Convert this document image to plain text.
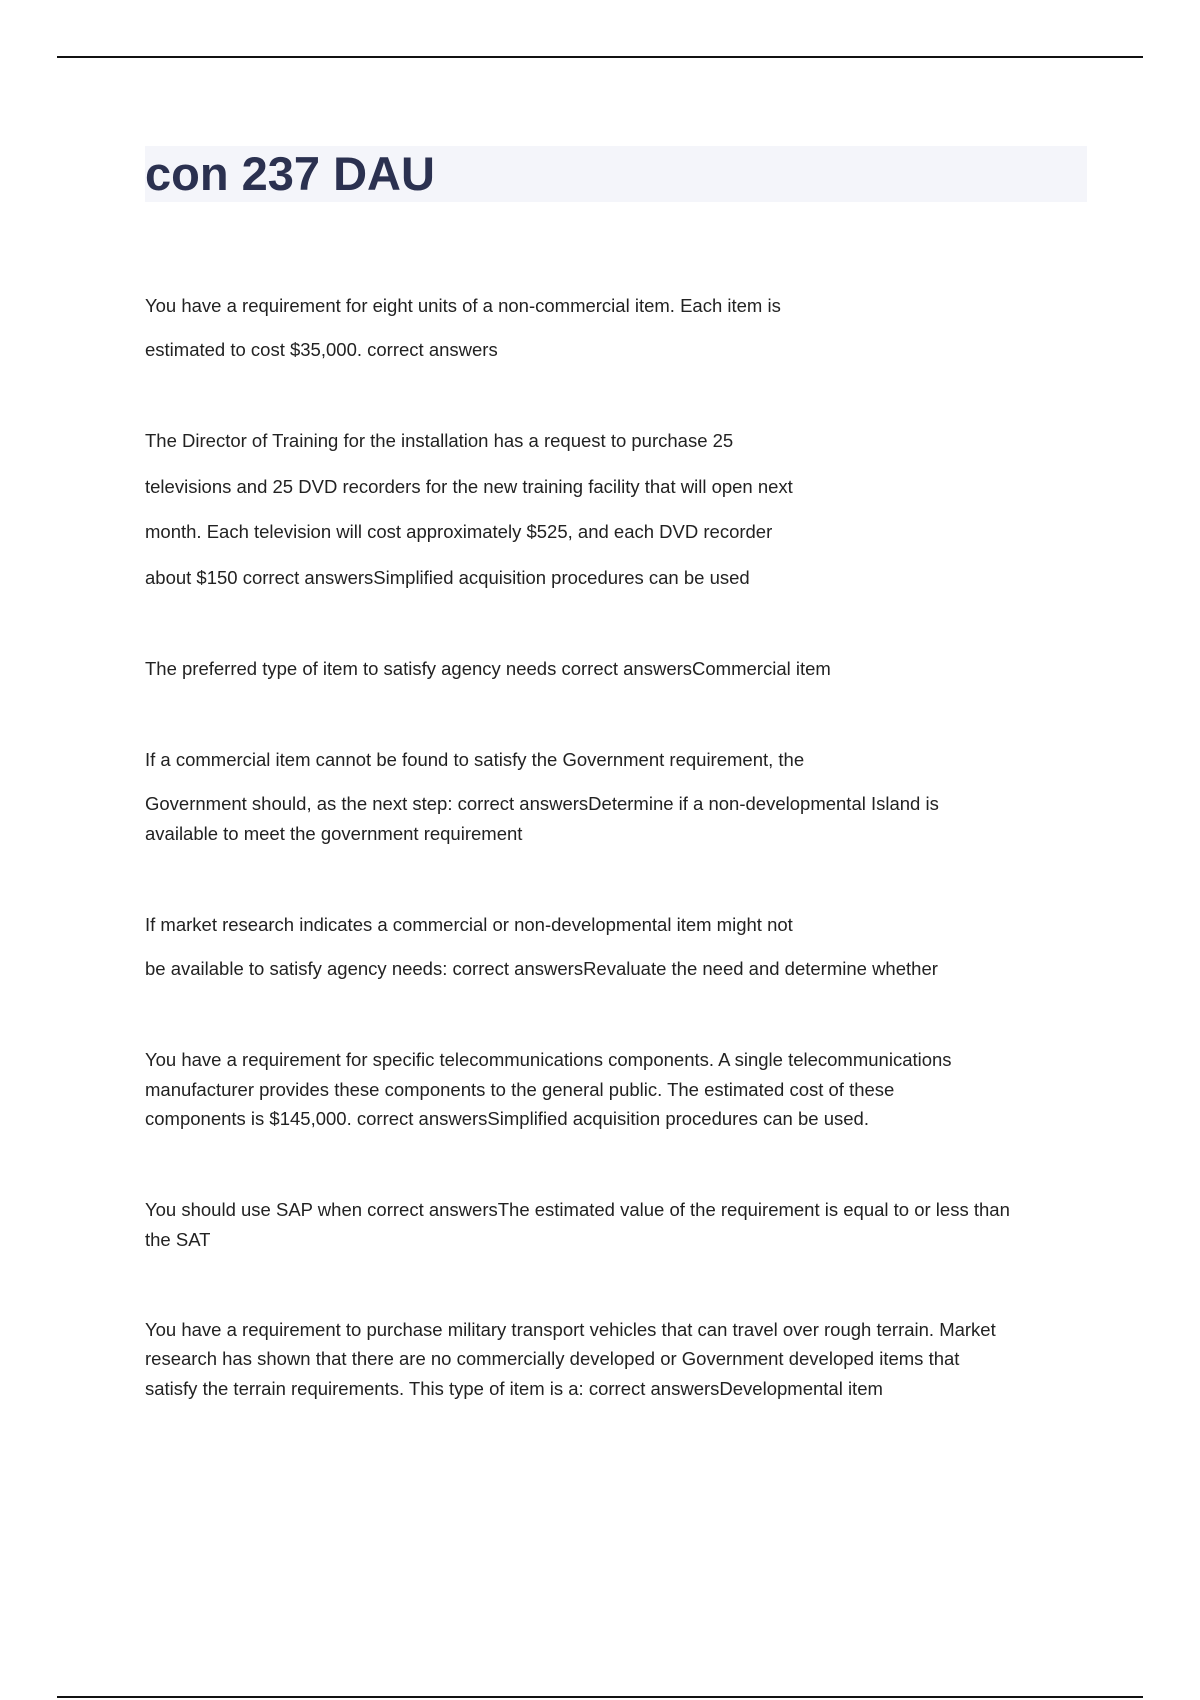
con 237 DAU

You have a requirement for eight units of a non-commercial item. Each item is

estimated to cost $35,000. correct answers

The Director of Training for the installation has a request to purchase 25

televisions and 25 DVD recorders for the new training facility that will open next

month. Each television will cost approximately $525, and each DVD recorder

about $150 correct answersSimplified acquisition procedures can be used

The preferred type of item to satisfy agency needs correct answersCommercial item

If a commercial item cannot be found to satisfy the Government requirement, the

Government should, as the next step: correct answersDetermine if a non-developmental Island is

available to meet the government requirement

If market research indicates a commercial or non-developmental item might not

be available to satisfy agency needs: correct answersRevaluate the need and determine whether

You have a requirement for specific telecommunications components. A single telecommunications

manufacturer provides these components to the general public. The estimated cost of these

components is $145,000. correct answersSimplified acquisition procedures can be used.

You should use SAP when correct answersThe estimated value of the requirement is equal to or less than

the SAT

You have a requirement to purchase military transport vehicles that can travel over rough terrain. Market

research has shown that there are no commercially developed or Government developed items that

satisfy the terrain requirements. This type of item is a: correct answersDevelopmental item
